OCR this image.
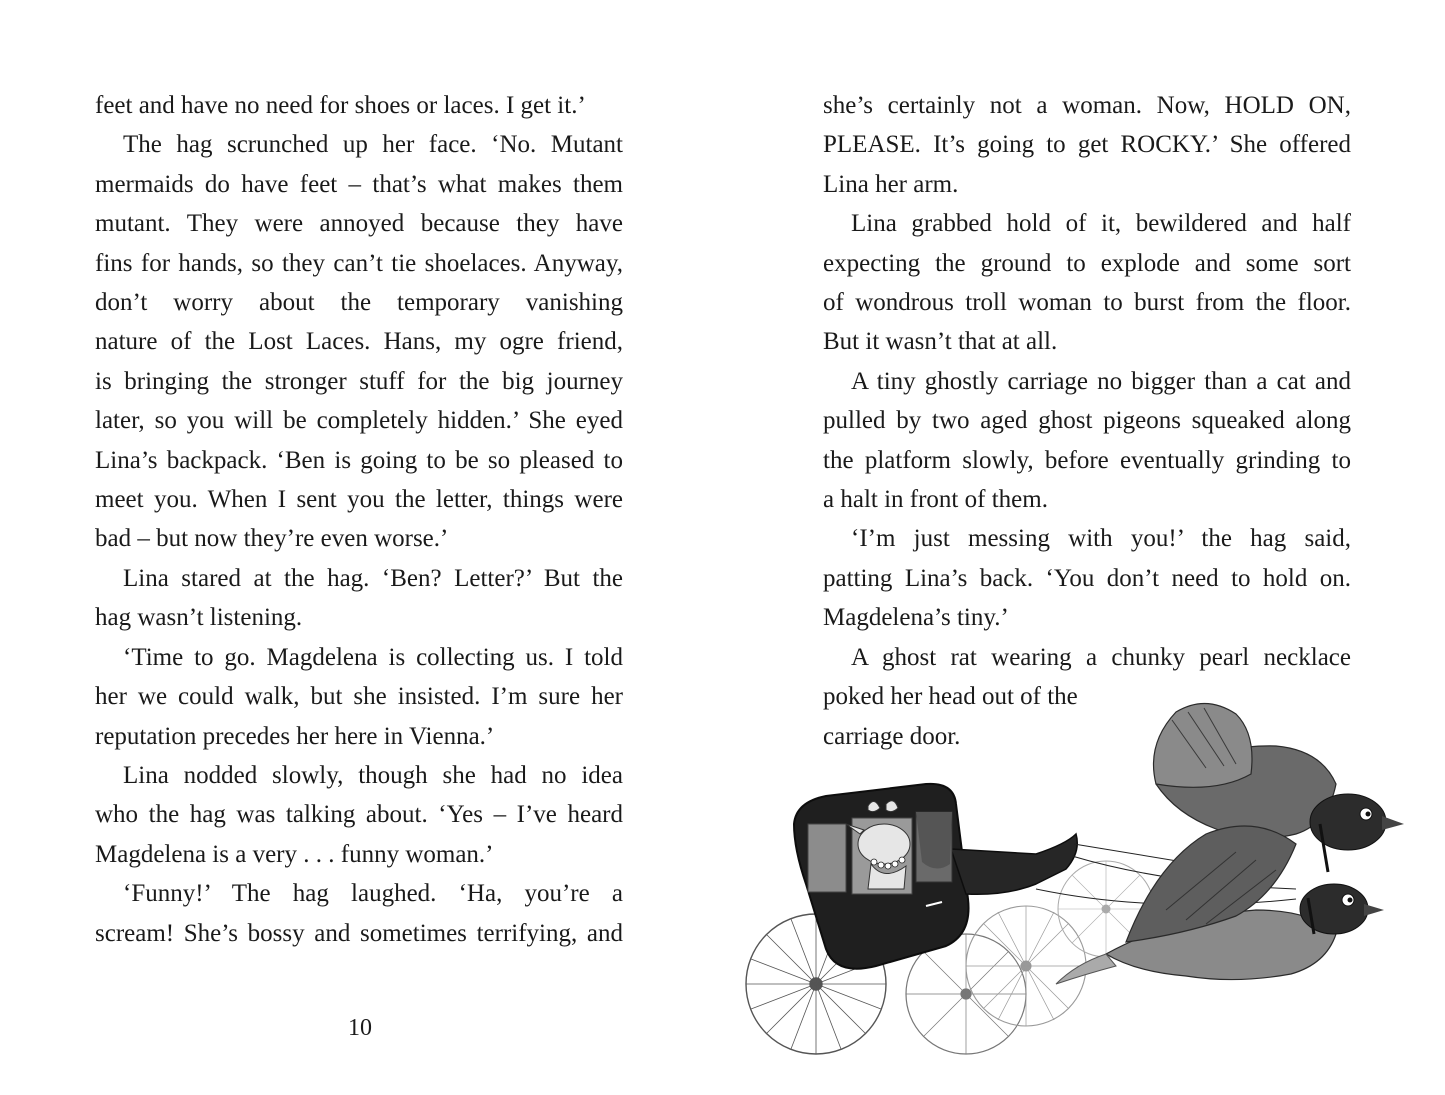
feet and have no need for shoes or laces. I get it.’
The hag scrunched up her face. ‘No. Mutant
mermaids do have feet – that’s what makes them
mutant. They were annoyed because they have
fins for hands, so they can’t tie shoelaces. Anyway,
don’t worry about the temporary vanishing
nature of the Lost Laces. Hans, my ogre friend,
is bringing the stronger stuff for the big journey
later, so you will be completely hidden.’ She eyed
Lina’s backpack. ‘Ben is going to be so pleased to
meet you. When I sent you the letter, things were
bad – but now they’re even worse.’
Lina stared at the hag. ‘Ben? Letter?’ But the
hag wasn’t listening.
‘Time to go. Magdelena is collecting us. I told
her we could walk, but she insisted. I’m sure her
reputation precedes her here in Vienna.’
Lina nodded slowly, though she had no idea
who the hag was talking about. ‘Yes – I’ve heard
Magdelena is a very . . . funny woman.’
‘Funny!’ The hag laughed. ‘Ha, you’re a
scream! She’s bossy and sometimes terrifying, and
10
she’s certainly not a woman. Now, HOLD ON,
PLEASE. It’s going to get ROCKY.’ She offered
Lina her arm.
Lina grabbed hold of it, bewildered and half
expecting the ground to explode and some sort
of wondrous troll woman to burst from the floor.
But it wasn’t that at all.
A tiny ghostly carriage no bigger than a cat and
pulled by two aged ghost pigeons squeaked along
the platform slowly, before eventually grinding to
a halt in front of them.
‘I’m just messing with you!’ the hag said,
patting Lina’s back. ‘You don’t need to hold on.
Magdelena’s tiny.’
A ghost rat wearing a chunky pearl necklace
poked her head out of the
carriage door.
